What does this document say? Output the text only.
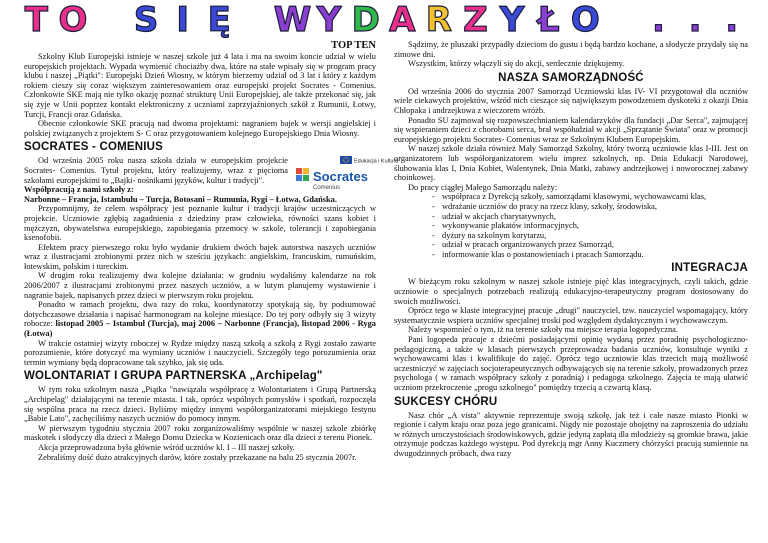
T O S I Ę W Y D A R Z Y Ł O . . .
TOP TEN

Szkolny Klub Europejski istnieje w naszej szkole już 4 lata i ma na swoim koncie udział w wielu europejskich projektach. Wypada wymienić chociażby dwa, które na stałe wpisały się w program pracy klubu i naszej „Piątki": Europejski Dzień Wiosny, w którym bierzemy udział od 3 lat i który z każdym rokiem cieszy się coraz większym zainteresowaniem oraz europejski projekt Socrates - Comenius. Członkowie SKE mają nie tylko okazję poznać strukturę Unii Europejskiej, ale także przekonać się, jak się żyje w Unii poprzez kontakt elektroniczny z uczniami zaprzyjaźnionych szkół z Rumunii, Łotwy, Turcji, Francji oraz Gdańska.

Obecnie członkowie SKE pracują nad dwoma projektami: nagraniem bajek w wersji angielskiej i polskiej związanych z projektem S- C oraz przygotowaniem kolejnego Europejskiego Dnia Wiosny.

SOCRATES - COMENIUS
Edukacja i Kultura
Socrates
Comenius

Od września 2005 roku nasza szkoła działa w europejskim projekcie Socrates- Comenius. Tytuł projektu, który realizujemy, wraz z pięcioma szkołami europejskimi to „Bajki- nośnikami języków, kultur i tradycji".

Współpracują z nami szkoły z:

Narbonne – Francja, Istambułu – Turcja, Botosani – Rumunia, Rygi – Łotwa, Gdańska.

Przypomnijmy, że celem współpracy jest poznanie kultur i tradycji krajów uczestniczących w projekcie. Uczniowie zgłębią zagadnienia z dziedziny praw człowieka, równości szans kobiet i mężczyzn, obywatelstwa europejskiego, zapobiegania przemocy w szkole, tolerancji i zapobiegania ksenofobii.

Efektem pracy pierwszego roku było wydanie drukiem dwóch bajek autorstwa naszych uczniów wraz z ilustracjami zrobionymi przez nich w sześciu językach: angielskim, francuskim, rumuńskim, łotewskim, polskim i tureckim.

W drugim roku realizujemy dwa kolejne działania: w grudniu wydaliśmy kalendarze na rok 2006/2007 z ilustracjami zrobionymi przez naszych uczniów, a w lutym planujemy wystawienie i nagranie bajek, napisanych przez dzieci w pierwszym roku projektu.

Ponadto w ramach projektu, dwa razy do roku, koordynatorzy spotykają się, by podsumować dotychczasowe działania i napisać harmonogram na kolejne miesiące. Do tej pory odbyły się 3 wizyty robocze: listopad 2005 – Istambuł (Turcja), maj 2006 – Narbonne (Francja), listopad 2006 - Ryga (Łotwa)

W trakcie ostatniej wizyty roboczej w Rydze między naszą szkołą a szkołą z Rygi zostało zawarte porozumienie, które dotyczyć ma wymiany uczniów i nauczycieli. Szczegóły tego porozumienia oraz termin wymiany będą dopracowane tak szybko, jak się uda.

WOLONTARIAT I GRUPA PARTNERSKA „Archipelag"

W tym roku szkolnym nasza „Piątka "nawiązała współpracę z Wolontariatem i Grupą Partnerską „Archipelag" działającymi na terenie miasta. I tak, oprócz wspólnych pomysłów i spotkań, rozpoczęła się wspólna praca na rzecz dzieci. Byliśmy między innymi współorganizatorami miejskiego festynu „Babie Lato", zachęciliśmy naszych uczniów do pomocy innym.

W pierwszym tygodniu stycznia 2007 roku zorganizowaliśmy wspólnie w naszej szkole zbiórkę maskotek i słodyczy dla dzieci z Małego Domu Dziecka w Kozienicach oraz dla dzieci z terenu Pionek.

Akcja przeprowadzona była głównie wśród uczniów kl. I – III naszej szkoły.

Zebraliśmy dość dużo atrakcyjnych darów, które zostały przekazane na balu 25 stycznia 2007r.

Sądzimy, że pluszaki przypadły dzieciom do gustu i będą bardzo kochane, a słodycze przydały się na zimowe dni.

Wszystkim, którzy włączyli się do akcji, serdecznie dziękujemy.

NASZA SAMORZĄDNOŚĆ

Od września 2006 do stycznia 2007 Samorząd Uczniowski klas IV- VI przygotował dla uczniów wiele ciekawych projektów, wśród nich cieszące się największym powodzeniem dyskoteki z okazji Dnia Chłopaka i andrzejkowa z wieczorem wróżb.

Ponadto SU zajmował się rozpowszechnianiem kalendarzyków dla fundacji „Dar Serca", zajmującej się wspieraniem dzieci z chorobami serca, brał współudział w akcji „Sprzątanie Świata" oraz w promocji europejskiego projektu Socrates- Comenius wraz ze Szkolnym Klubem Europejskim.

W naszej szkole działa również Mały Samorząd Szkolny, który tworzą uczniowie klas I-III. Jest on organizatorem lub współorganizatorem wielu imprez szkolnych, np. Dnia Edukacji Narodowej, ślubowania klas I, Dnia Kobiet, Walentynek, Dnia Matki, zabawy andrzejkowej i noworocznej zabawy choinkowej.

Do pracy ciągłej Małego Samorządu należy:

- współpraca z Dyrekcją szkoły, samorządami klasowymi, wychowawcami klas,
- wdrażanie uczniów do pracy na rzecz klasy, szkoły, środowiska,
- udział w akcjach charytatywnych,
- wykonywanie plakatów informacyjnych,
- dyżury na szkolnym korytarzu,
- udział w pracach organizowanych przez Samorząd,
- informowanie klas o postanowieniach i pracach Samorządu.
INTEGRACJA

W bieżącym roku szkolnym w naszej szkole istnieje pięć klas integracyjnych, czyli takich, gdzie uczniowie o specjalnych potrzebach realizują edukacyjno-terapeutyczny program dostosowany do swoich możliwości.

Oprócz tego w klasie integracyjnej pracuje „drugi" nauczyciel, tzw. nauczyciel wspomagający, który systematycznie wspiera uczniów specjalnej troski pod względem dydaktycznym i wychowawczym.

Należy wspomnieć o tym, iż na terenie szkoły ma miejsce terapia logopedyczna.

Pani logopeda pracuje z dziećmi posiadającymi opinię wydaną przez poradnię psychologiczno- pedagogiczną, a także w klasach pierwszych przeprowadza badania uczniów, konsultuje wyniki z wychowawcami klas i kwalifikuje do zajęć. Oprócz tego uczniowie klas trzecich mają możliwość uczestniczyć w zajęciach socjoterapeutycznych odbywających się na terenie szkoły, prowadzonych przez psychologa ( w ramach współpracy szkoły z poradnią) i pedagoga szkolnego. Zajęcia te mają ułatwić uczniom przekroczenie „progu szkolnego" pomiędzy trzecią a czwartą klasą.

SUKCESY CHÓRU

Nasz chór „A vista" aktywnie reprezentuje swoją szkołę, jak też i całe nasze miasto Pionki w regionie i całym kraju oraz poza jego granicami. Nigdy nie pozostaje obojętny na zaproszenia do udziału w różnych uroczystościach środowiskowych, gdzie jedyną zapłatą dla młodzieży są gromkie brawa, jakie otrzymuje podczas każdego występu. Pod dyrekcją mgr Anny Kuczmery chórzyści pracują sumiennie na dwugodzinnych próbach, dwa razy
